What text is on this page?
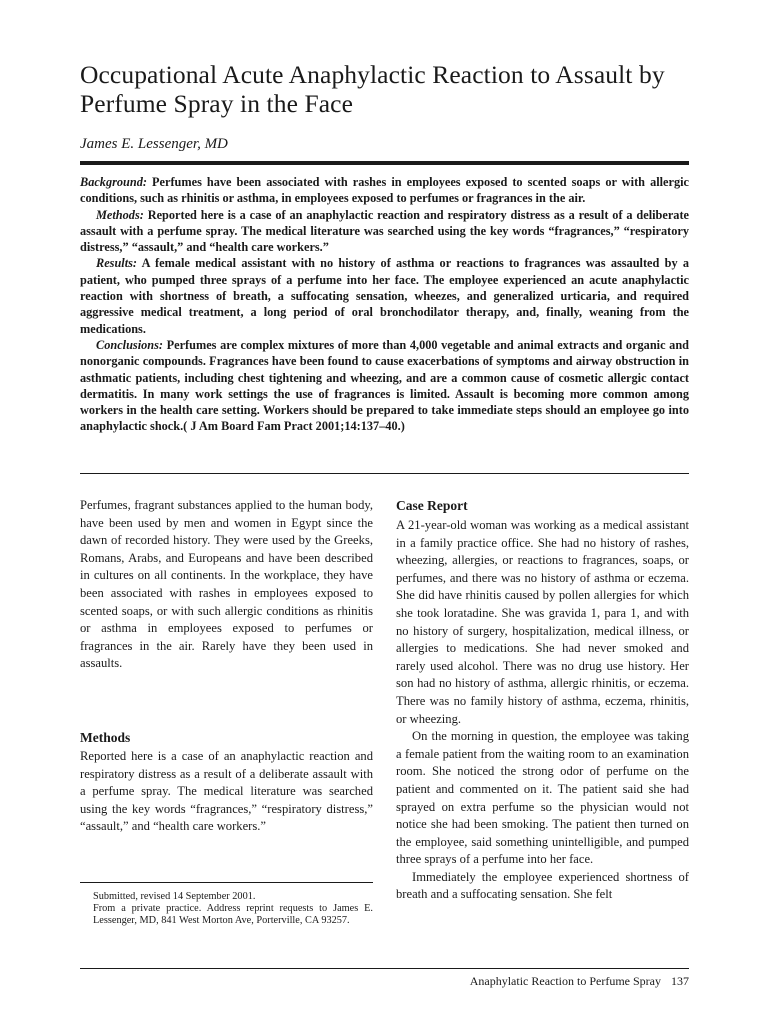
Occupational Acute Anaphylactic Reaction to Assault by Perfume Spray in the Face

James E. Lessenger, MD

Background: Perfumes have been associated with rashes in employees exposed to scented soaps or with allergic conditions, such as rhinitis or asthma, in employees exposed to perfumes or fragrances in the air.

Methods: Reported here is a case of an anaphylactic reaction and respiratory distress as a result of a deliberate assault with a perfume spray. The medical literature was searched using the key words “fragrances,” “respiratory distress,” “assault,” and “health care workers.”

Results: A female medical assistant with no history of asthma or reactions to fragrances was assaulted by a patient, who pumped three sprays of a perfume into her face. The employee experienced an acute anaphylactic reaction with shortness of breath, a suffocating sensation, wheezes, and generalized urticaria, and required aggressive medical treatment, a long period of oral bronchodilator therapy, and, finally, weaning from the medications.

Conclusions: Perfumes are complex mixtures of more than 4,000 vegetable and animal extracts and organic and nonorganic compounds. Fragrances have been found to cause exacerbations of symptoms and airway obstruction in asthmatic patients, including chest tightening and wheezing, and are a common cause of cosmetic allergic contact dermatitis. In many work settings the use of fragrances is limited. Assault is becoming more common among workers in the health care setting. Workers should be prepared to take immediate steps should an employee go into anaphylactic shock.( J Am Board Fam Pract 2001;14:137–40.)

Perfumes, fragrant substances applied to the human body, have been used by men and women in Egypt since the dawn of recorded history. They were used by the Greeks, Romans, Arabs, and Europeans and have been described in cultures on all continents. In the workplace, they have been associated with rashes in employees exposed to scented soaps, or with such allergic conditions as rhinitis or asthma in employees exposed to perfumes or fragrances in the air. Rarely have they been used in assaults.

Methods

Reported here is a case of an anaphylactic reaction and respiratory distress as a result of a deliberate assault with a perfume spray. The medical literature was searched using the key words “fragrances,” “respiratory distress,” “assault,” and “health care workers.”

Submitted, revised 14 September 2001.

From a private practice. Address reprint requests to James E. Lessenger, MD, 841 West Morton Ave, Porterville, CA 93257.

Case Report

A 21-year-old woman was working as a medical assistant in a family practice office. She had no history of rashes, wheezing, allergies, or reactions to fragrances, soaps, or perfumes, and there was no history of asthma or eczema. She did have rhinitis caused by pollen allergies for which she took loratadine. She was gravida 1, para 1, and with no history of surgery, hospitalization, medical illness, or allergies to medications. She had never smoked and rarely used alcohol. There was no drug use history. Her son had no history of asthma, allergic rhinitis, or eczema. There was no family history of asthma, eczema, rhinitis, or wheezing.

On the morning in question, the employee was taking a female patient from the waiting room to an examination room. She noticed the strong odor of perfume on the patient and commented on it. The patient said she had sprayed on extra perfume so the physician would not notice she had been smoking. The patient then turned on the employee, said something unintelligible, and pumped three sprays of a perfume into her face.

Immediately the employee experienced shortness of breath and a suffocating sensation. She felt

Anaphylatic Reaction to Perfume Spray 137
